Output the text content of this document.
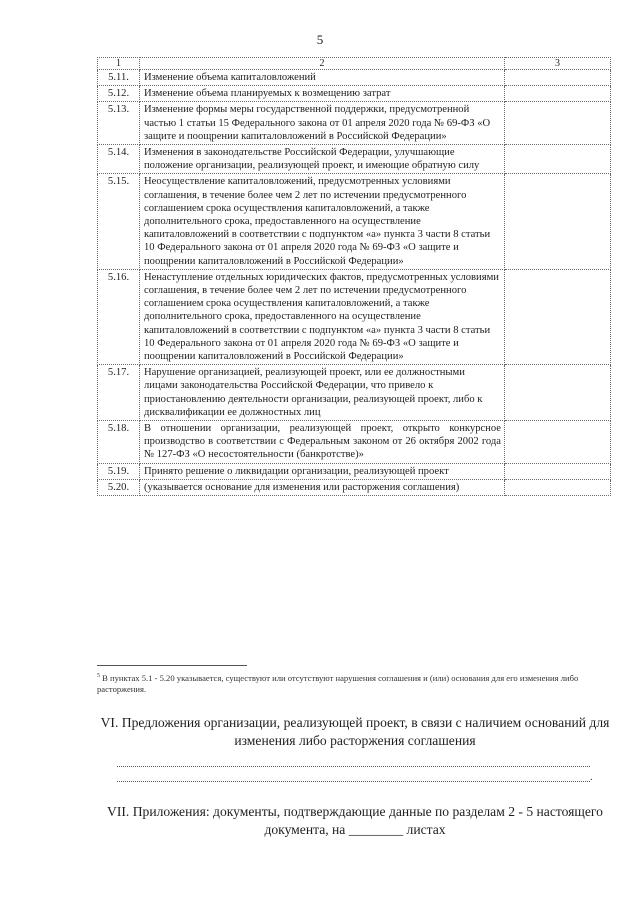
5
1	2	3
5.11.	Изменение объема капиталовложений	
5.12.	Изменение объема планируемых к возмещению затрат	
5.13.	Изменение формы меры государственной поддержки, предусмотренной частью 1 статьи 15 Федерального закона от 01 апреля 2020 года № 69-ФЗ «О защите и поощрении капиталовложений в Российской Федерации»	
5.14.	Изменения в законодательстве Российской Федерации, улучшающие положение организации, реализующей проект, и имеющие обратную силу	
5.15.	Неосуществление капиталовложений, предусмотренных условиями соглашения, в течение более чем 2 лет по истечении предусмотренного соглашением срока осуществления капиталовложений, а также дополнительного срока, предоставленного на осуществление капиталовложений в соответствии с подпунктом «а» пункта 3 части 8 статьи 10 Федерального закона от 01 апреля 2020 года № 69-ФЗ «О защите и поощрении капиталовложений в Российской Федерации»	
5.16.	Ненаступление отдельных юридических фактов, предусмотренных условиями соглашения, в течение более чем 2 лет по истечении предусмотренного соглашением срока осуществления капиталовложений, а также дополнительного срока, предоставленного на осуществление капиталовложений в соответствии с подпунктом «а» пункта 3 части 8 статьи 10 Федерального закона от 01 апреля 2020 года № 69-ФЗ «О защите и поощрении капиталовложений в Российской Федерации»	
5.17.	Нарушение организацией, реализующей проект, или ее должностными лицами законодательства Российской Федерации, что привело к приостановлению деятельности организации, реализующей проект, либо к дисквалификации ее должностных лиц	
5.18.	В отношении организации, реализующей проект, открыто конкурсное производство в соответствии с Федеральным законом от 26 октября 2002 года № 127-ФЗ «О несостоятельности (банкротстве)»	
5.19.	Принято решение о ликвидации организации, реализующей проект	
5.20.	(указывается основание для изменения или расторжения соглашения)	
$^5$ В пунктах 5.1 - 5.20 указывается, существуют или отсутствуют нарушения соглашения и (или) основания для его изменения либо расторжения.
VI. Предложения организации, реализующей проект, в связи с наличием оснований для изменения либо расторжения соглашения
.
VII. Приложения: документы, подтверждающие данные по разделам 2 - 5 настоящего документа, на ________ листах
